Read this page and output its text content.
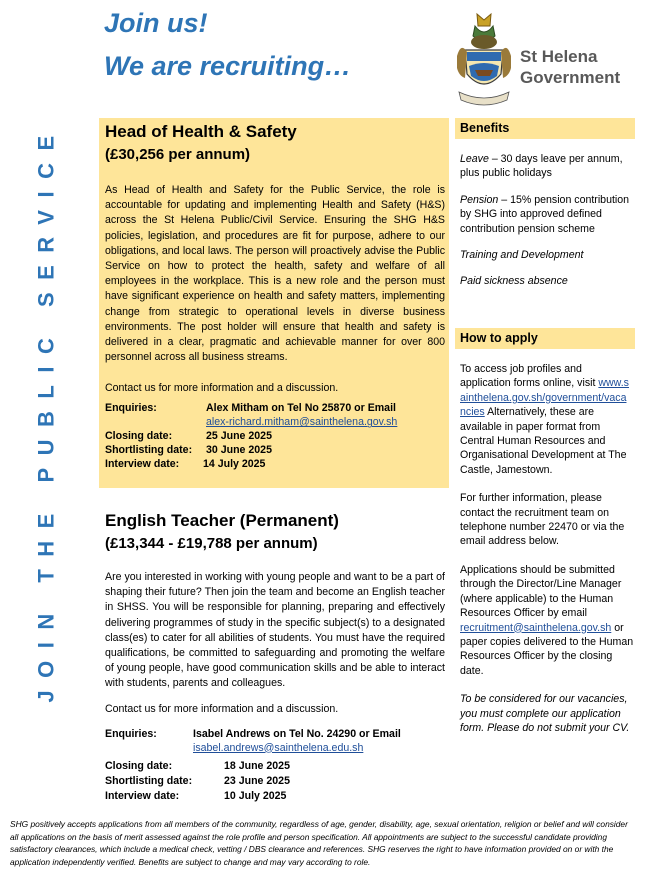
Join us!
We are recruiting…	St Helena
Government
JOIN THE PUBLIC SERVICE	Head of Health & Safety
(£30,256 per annum)
As Head of Health and Safety for the Public Service, the role is accountable for updating and implementing Health and Safety (H&S) across the St Helena Public/Civil Service. Ensuring the SHG H&S policies, legislation, and procedures are fit for purpose, adhere to our obligations, and local laws. The person will proactively advise the Public Service on how to protect the health, safety and welfare of all employees in the workplace. This is a new role and the person must have significant experience on health and safety matters, implementing change from strategic to operational levels in diverse business environments. The post holder will ensure that health and safety is delivered in a clear, pragmatic and achievable manner for over 800 personnel across all business streams.
Contact us for more information and a discussion.
Enquiries:	Alex Mitham on Tel No 25870 or Email
alex-richard.mitham@sainthelena.gov.sh
Closing date:	25 June 2025
Shortlisting date: 30 June 2025
Interview date: 14 July 2025
English Teacher (Permanent)
(£13,344 - £19,788 per annum)
Are you interested in working with young people and want to be a part of shaping their future? Then join the team and become an English teacher in SHSS. You will be responsible for planning, preparing and effectively delivering programmes of study in the specific subject(s) to a designated class(es) to cater for all abilities of students. You must have the required qualifications, be committed to safeguarding and promoting the welfare of young people, have good communication skills and be able to interact with students, parents and colleagues.
Contact us for more information and a discussion.
Enquiries:	Isabel Andrews on Tel No. 24290 or Email
isabel.andrews@sainthelena.edu.sh
Closing date:	18 June 2025
Shortlisting date:	23 June 2025
Interview date:	10 July 2025
Benefits
Leave – 30 days leave per annum, plus public holidays
Pension – 15% pension contribution by SHG into approved defined contribution pension scheme
Training and Development
Paid sickness absence
How to apply
To access job profiles and application forms online, visit www.sainthelena.gov.sh/government/vacancies Alternatively, these are available in paper format from Central Human Resources and Organisational Development at The Castle, Jamestown.
For further information, please contact the recruitment team on telephone number 22470 or via the email address below.
Applications should be submitted through the Director/Line Manager (where applicable) to the Human Resources Officer by email recruitment@sainthelena.gov.sh or paper copies delivered to the Human Resources Officer by the closing date.
To be considered for our vacancies, you must complete our application form. Please do not submit your CV.
SHG positively accepts applications from all members of the community, regardless of age, gender, disability, age, sexual orientation, religion or belief and will consider all applications on the basis of merit assessed against the role profile and person specification. All appointments are subject to the successful candidate providing satisfactory clearances, which include a medical check, vetting / DBS clearance and references. SHG reserves the right to have information provided on or with the application independently verified. Benefits are subject to change and may vary according to role.
